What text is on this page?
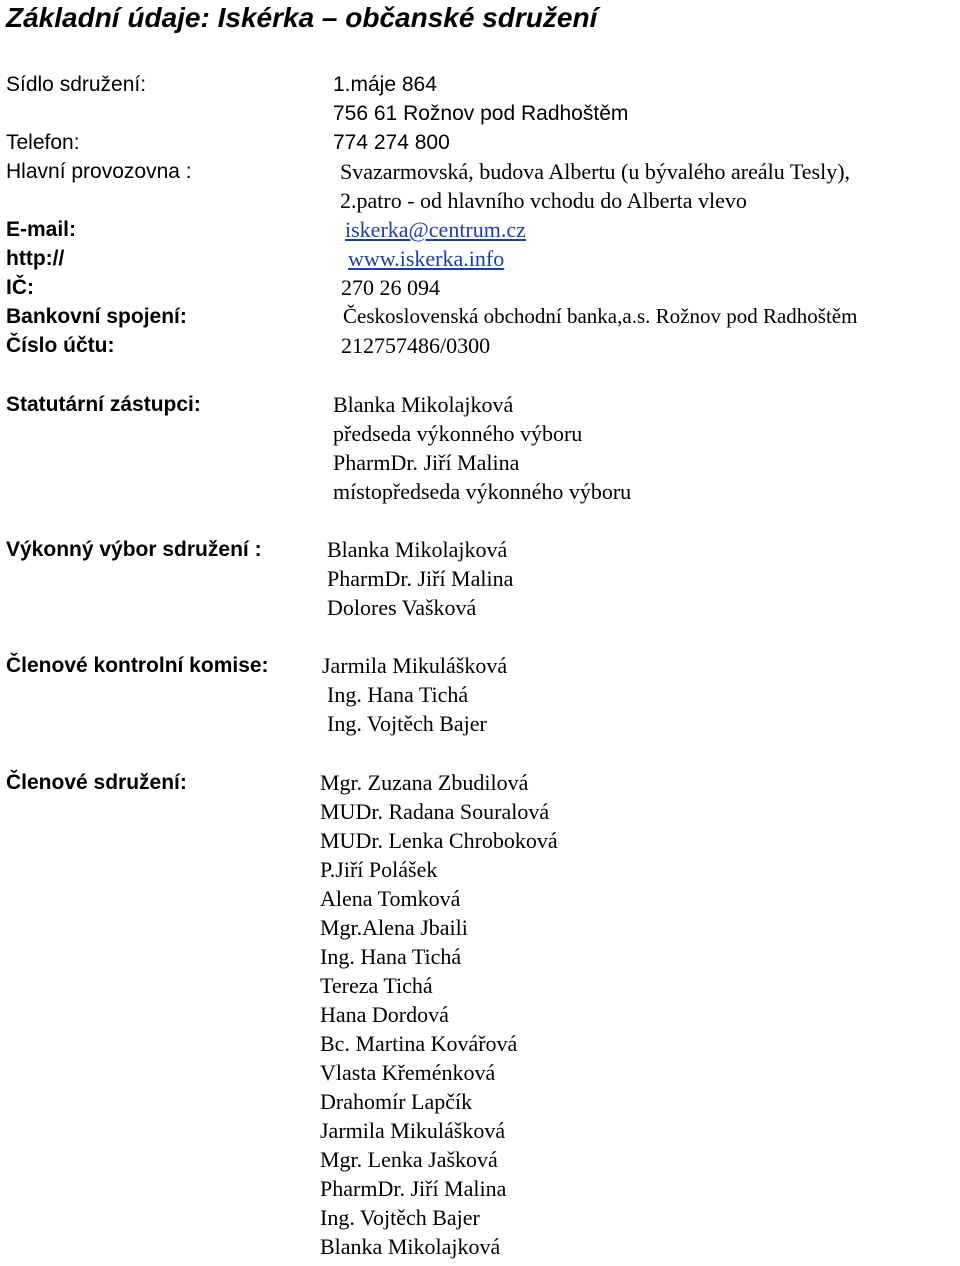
Základní údaje: Iskérka – občanské sdružení
Sídlo sdružení:	1.máje 864
756 61 Rožnov pod Radhoštěm
Telefon:	774 274 800
Hlavní provozovna :	Svazarmovská, budova Albertu (u bývalého areálu Tesly),
2.patro - od hlavního vchodu do Alberta vlevo
E-mail:	iskerka@centrum.cz
http://	www.iskerka.info
IČ:	270 26 094
Bankovní spojení:	Československá obchodní banka,a.s. Rožnov pod Radhoštěm
Číslo účtu:	212757486/0300
Statutární zástupci:	Blanka Mikolajková
předseda výkonného výboru
PharmDr. Jiří Malina
místopředseda výkonného výboru
Výkonný výbor sdružení :	Blanka Mikolajková
PharmDr. Jiří Malina
Dolores Vašková
Členové kontrolní komise: Jarmila Mikulášková
Ing. Hana Tichá
Ing. Vojtěch Bajer
Členové sdružení:	Mgr. Zuzana Zbudilová
MUDr. Radana Souralová
MUDr. Lenka Chroboková
P.Jiří Polášek
Alena Tomková
Mgr.Alena Jbaili
Ing. Hana Tichá
Tereza Tichá
Hana Dordová
Bc. Martina Kovářová
Vlasta Křeménková
Drahomír Lapčík
Jarmila Mikulášková
Mgr. Lenka Jašková
PharmDr. Jiří Malina
Ing. Vojtěch Bajer
Blanka Mikolajková
